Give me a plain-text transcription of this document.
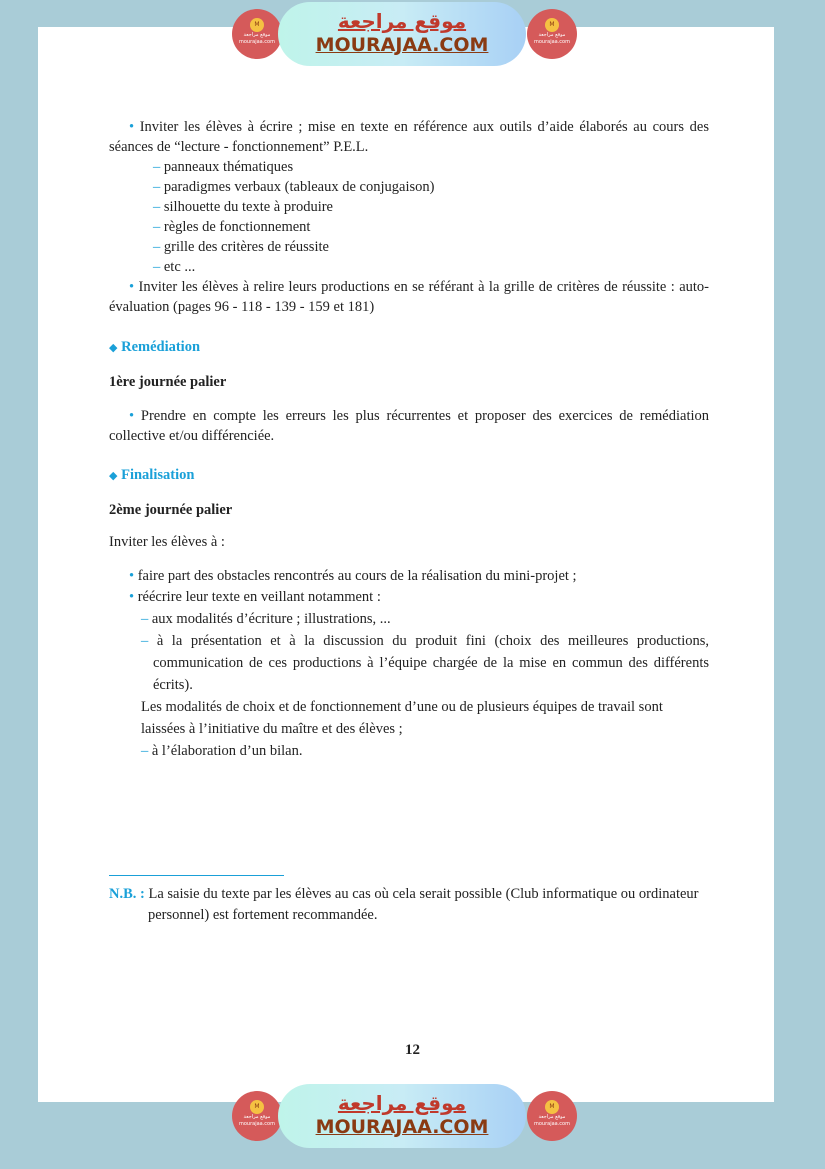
M
موقع مراجعة
mourajaa.com
موقع مراجعة
MOURAJAA.COM
M
موقع مراجعة
mourajaa.com

• Inviter les élèves à écrire ; mise en texte en référence aux outils d’aide élaborés au cours des séances de “lecture - fonctionnement” P.E.L.

– panneaux thématiques
– paradigmes verbaux (tableaux de conjugaison)
– silhouette du texte à produire
– règles de fonctionnement
– grille des critères de réussite
– etc ...

• Inviter les élèves à relire leurs productions en se référant à la grille de critères de réussite : auto-évaluation (pages 96 - 118 - 139 - 159 et 181)

◆ Remédiation
1ère journée palier

• Prendre en compte les erreurs les plus récurrentes et proposer des exercices de remédiation collective et/ou différenciée.

◆ Finalisation
2ème journée palier
Inviter les élèves à :
• faire part des obstacles rencontrés au cours de la réalisation du mini-projet ;
• réécrire leur texte en veillant notamment :
– aux modalités d’écriture ; illustrations, ...
– à la présentation et à la discussion du produit fini (choix des meilleures productions, communication de ces productions à l’équipe chargée de la mise en commun des différents écrits).
Les modalités de choix et de fonctionnement d’une ou de plusieurs équipes de travail sont laissées à l’initiative du maître et des élèves ;
– à l’élaboration d’un bilan.
N.B. : La saisie du texte par les élèves au cas où cela serait possible (Club informatique ou ordinateur personnel) est fortement recommandée.
12
M
موقع مراجعة
mourajaa.com
موقع مراجعة
MOURAJAA.COM
M
موقع مراجعة
mourajaa.com
